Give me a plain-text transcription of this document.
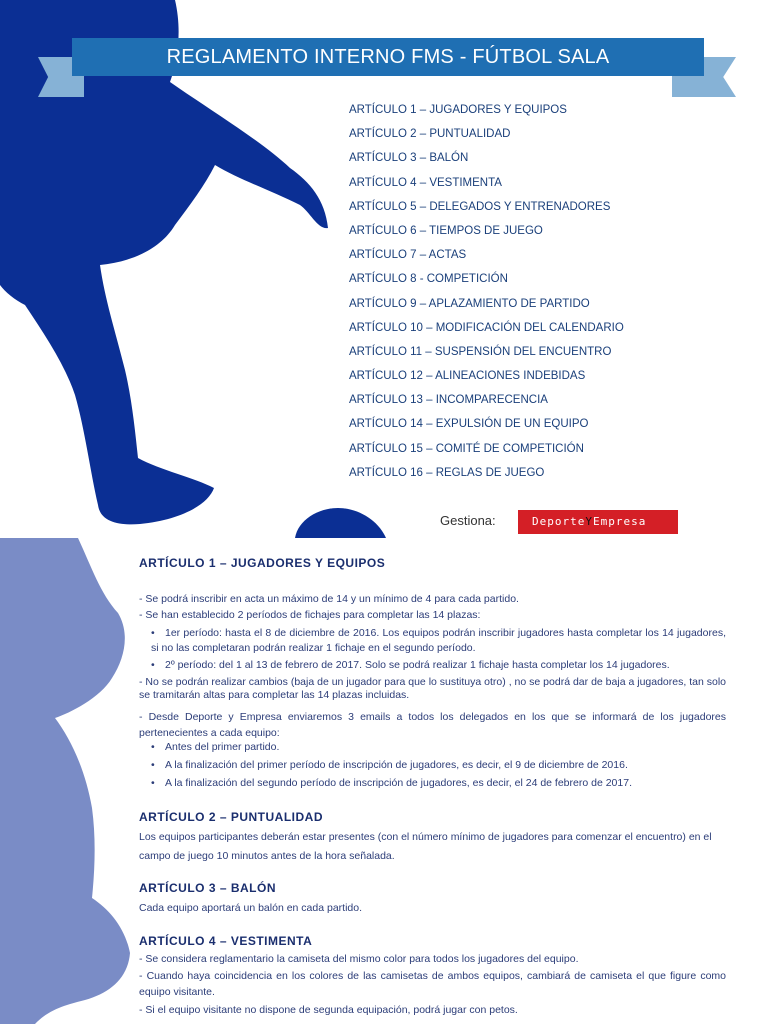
REGLAMENTO INTERNO FMS - FÚTBOL SALA
ARTÍCULO 1 – JUGADORES Y EQUIPOS
ARTÍCULO 2 – PUNTUALIDAD
ARTÍCULO 3 – BALÓN
ARTÍCULO 4 – VESTIMENTA
ARTÍCULO 5 – DELEGADOS Y ENTRENADORES
ARTÍCULO 6 – TIEMPOS DE JUEGO
ARTÍCULO 7 – ACTAS
ARTÍCULO 8 - COMPETICIÓN
ARTÍCULO 9 – APLAZAMIENTO DE PARTIDO
ARTÍCULO 10 – MODIFICACIÓN DEL CALENDARIO
ARTÍCULO 11 – SUSPENSIÓN DEL ENCUENTRO
ARTÍCULO 12 – ALINEACIONES INDEBIDAS
ARTÍCULO 13 – INCOMPARECENCIA
ARTÍCULO 14 – EXPULSIÓN DE UN EQUIPO
ARTÍCULO 15 – COMITÉ DE COMPETICIÓN
ARTÍCULO 16 – REGLAS DE JUEGO
Gestiona:	DeporteYEmpresa
ARTÍCULO 1 – JUGADORES Y EQUIPOS

- Se podrá inscribir en acta un máximo de 14 y un mínimo de 4 para cada partido.

- Se han establecido 2 períodos de fichajes para completar las 14 plazas:

• 1er período: hasta el 8 de diciembre de 2016. Los equipos podrán inscribir jugadores hasta completar los 14 jugadores, si no las completaran podrán realizar 1 fichaje en el segundo período.
• 2º período: del 1 al 13 de febrero de 2017. Solo se podrá realizar 1 fichaje hasta completar los 14 jugadores.

- No se podrán realizar cambios (baja de un jugador para que lo sustituya otro) , no se podrá dar de baja a jugadores, tan solo se tramitarán altas para completar las 14 plazas incluidas.

- Desde Deporte y Empresa enviaremos 3 emails a todos los delegados en los que se informará de los jugadores pertenecientes a cada equipo:

• Antes del primer partido.
• A la finalización del primer período de inscripción de jugadores, es decir, el 9 de diciembre de 2016.
• A la finalización del segundo período de inscripción de jugadores, es decir, el 24 de febrero de 2017.
ARTÍCULO 2 – PUNTUALIDAD

Los equipos participantes deberán estar presentes (con el número mínimo de jugadores para comenzar el encuentro) en el campo de juego 10 minutos antes de la hora señalada.

ARTÍCULO 3 – BALÓN

Cada equipo aportará un balón en cada partido.

ARTÍCULO 4 – VESTIMENTA

- Se considera reglamentario la camiseta del mismo color para todos los jugadores del equipo.

- Cuando haya coincidencia en los colores de las camisetas de ambos equipos, cambiará de camiseta el que figure como equipo visitante.

- Si el equipo visitante no dispone de segunda equipación, podrá jugar con petos.
